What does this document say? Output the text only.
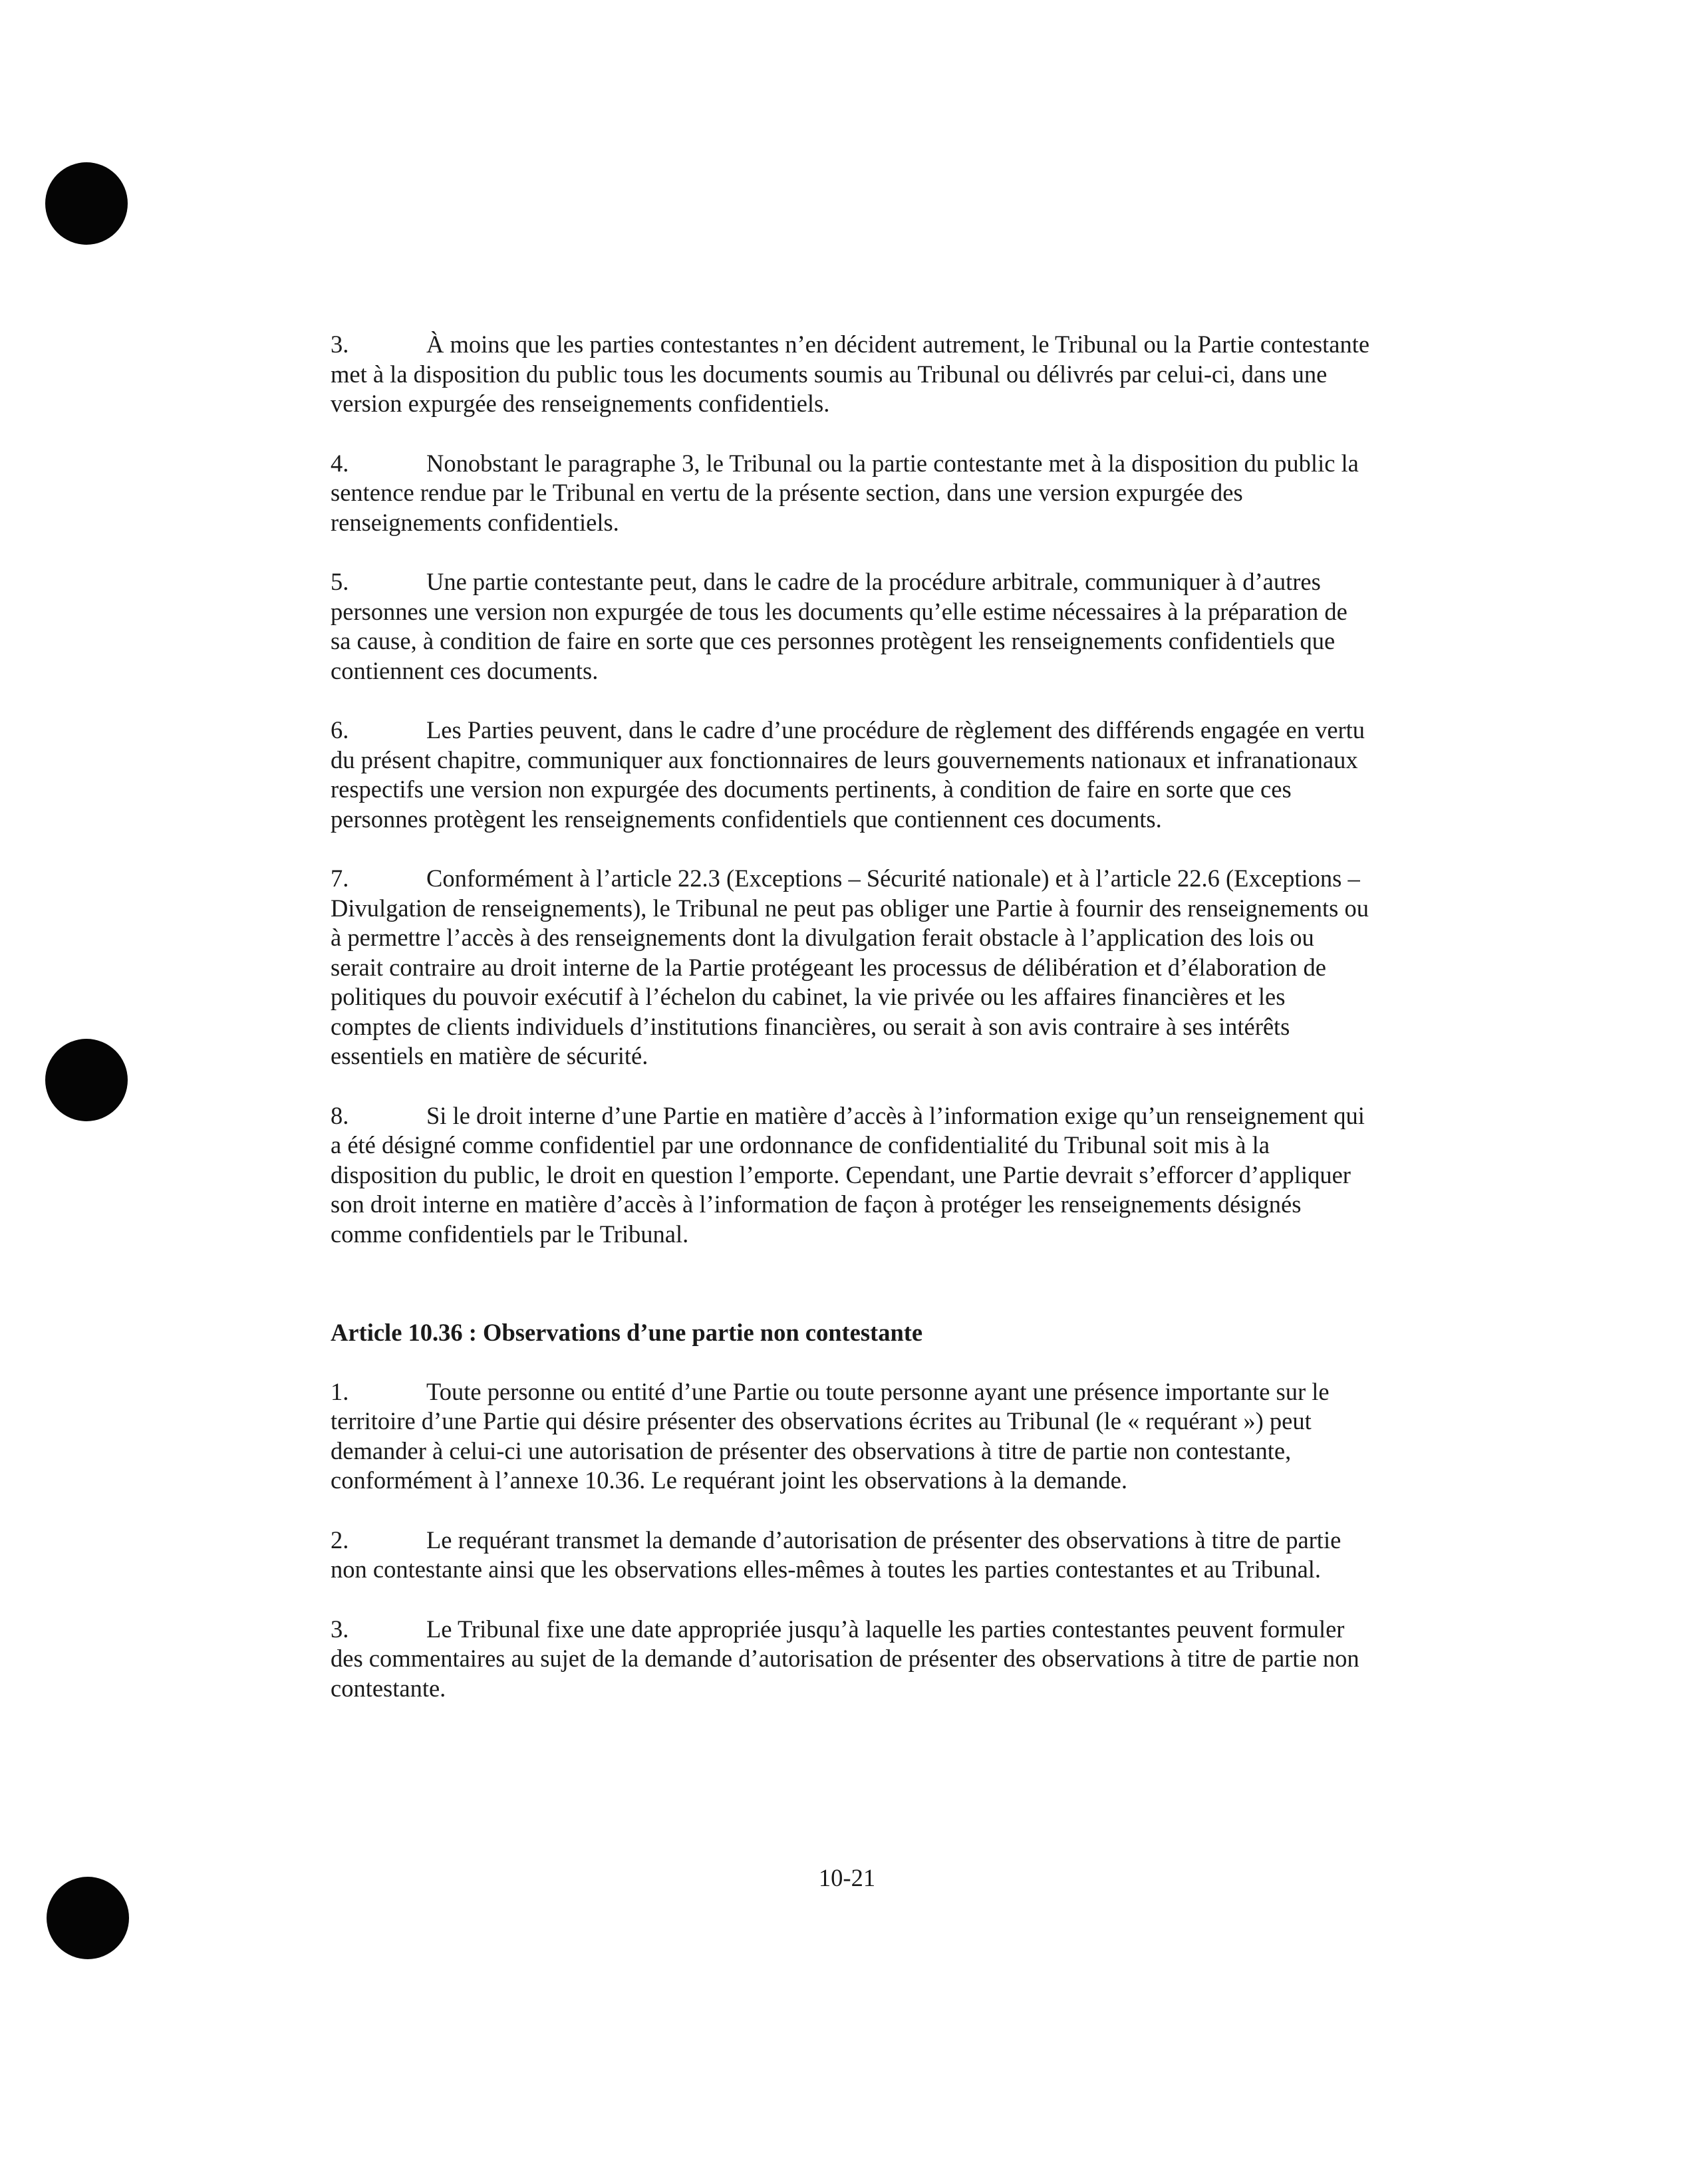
3.	À moins que les parties contestantes n’en décident autrement, le Tribunal ou la Partie contestante met à la disposition du public tous les documents soumis au Tribunal ou délivrés par celui-ci, dans une version expurgée des renseignements confidentiels.

4.	Nonobstant le paragraphe 3, le Tribunal ou la partie contestante met à la disposition du public la sentence rendue par le Tribunal en vertu de la présente section, dans une version expurgée des renseignements confidentiels.

5.	Une partie contestante peut, dans le cadre de la procédure arbitrale, communiquer à d’autres personnes une version non expurgée de tous les documents qu’elle estime nécessaires à la préparation de sa cause, à condition de faire en sorte que ces personnes protègent les renseignements confidentiels que contiennent ces documents.

6.	Les Parties peuvent, dans le cadre d’une procédure de règlement des différends engagée en vertu du présent chapitre, communiquer aux fonctionnaires de leurs gouvernements nationaux et infranationaux respectifs une version non expurgée des documents pertinents, à condition de faire en sorte que ces personnes protègent les renseignements confidentiels que contiennent ces documents.

7.	Conformément à l’article 22.3 (Exceptions – Sécurité nationale) et à l’article 22.6 (Exceptions – Divulgation de renseignements), le Tribunal ne peut pas obliger une Partie à fournir des renseignements ou à permettre l’accès à des renseignements dont la divulgation ferait obstacle à l’application des lois ou serait contraire au droit interne de la Partie protégeant les processus de délibération et d’élaboration de politiques du pouvoir exécutif à l’échelon du cabinet, la vie privée ou les affaires financières et les comptes de clients individuels d’institutions financières, ou serait à son avis contraire à ses intérêts essentiels en matière de sécurité.

8.	Si le droit interne d’une Partie en matière d’accès à l’information exige qu’un renseignement qui a été désigné comme confidentiel par une ordonnance de confidentialité du Tribunal soit mis à la disposition du public, le droit en question l’emporte. Cependant, une Partie devrait s’efforcer d’appliquer son droit interne en matière d’accès à l’information de façon à protéger les renseignements désignés comme confidentiels par le Tribunal.

Article 10.36 : Observations d’une partie non contestante

1.	Toute personne ou entité d’une Partie ou toute personne ayant une présence importante sur le territoire d’une Partie qui désire présenter des observations écrites au Tribunal (le « requérant ») peut demander à celui-ci une autorisation de présenter des observations à titre de partie non contestante, conformément à l’annexe 10.36. Le requérant joint les observations à la demande.

2.	Le requérant transmet la demande d’autorisation de présenter des observations à titre de partie non contestante ainsi que les observations elles-mêmes à toutes les parties contestantes et au Tribunal.

3.	Le Tribunal fixe une date appropriée jusqu’à laquelle les parties contestantes peuvent formuler des commentaires au sujet de la demande d’autorisation de présenter des observations à titre de partie non contestante.

10-21
